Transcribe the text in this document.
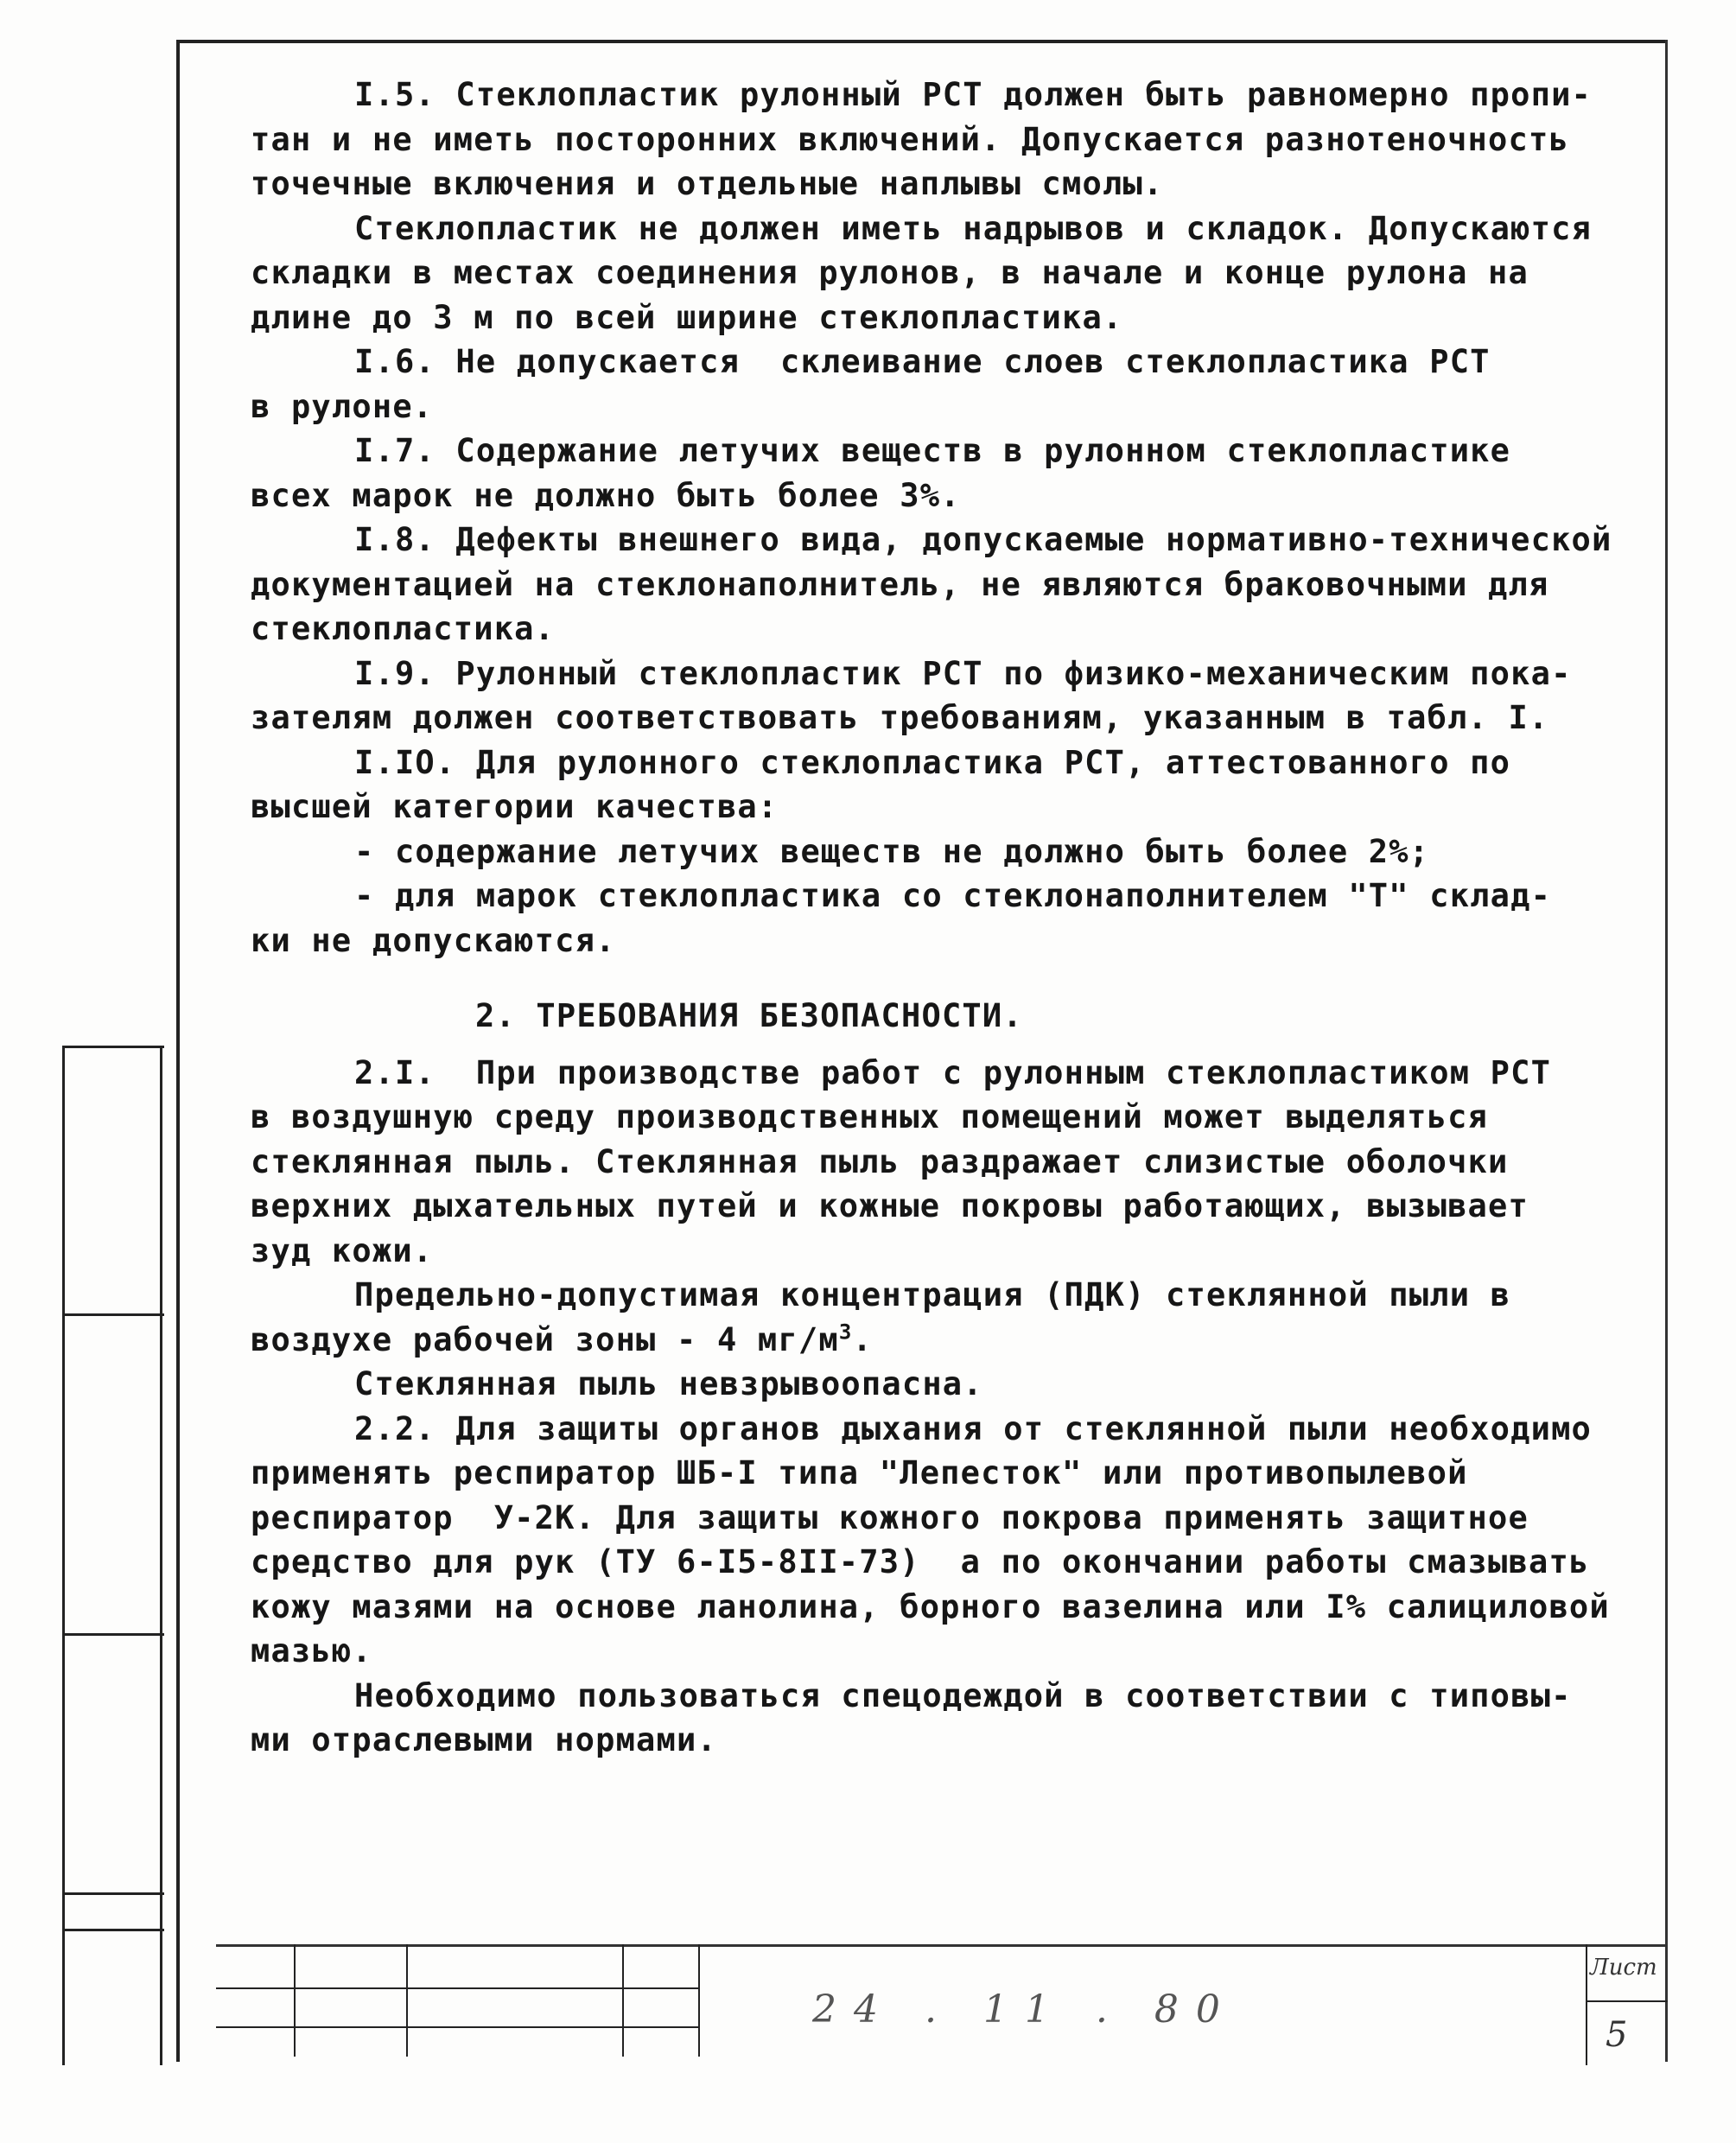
I.5. Стеклопластик рулонный РСТ должен быть равномерно пропи-

тан и не иметь посторонних включений. Допускается разнотеночность

точечные включения и отдельные наплывы смолы.

Стеклопластик не должен иметь надрывов и складок. Допускаются

складки в местах соединения рулонов, в начале и конце рулона на

длине до 3 м по всей ширине стеклопластика.

I.6. Не допускается  склеивание слоев стеклопластика РСТ

в рулоне.

I.7. Содержание летучих веществ в рулонном стеклопластике

всех марок не должно быть более 3%.

I.8. Дефекты внешнего вида, допускаемые нормативно-технической

документацией на стеклонаполнитель, не являются браковочными для

стеклопластика.

I.9. Рулонный стеклопластик РСТ по физико-механическим пока-

зателям должен соответствовать требованиям, указанным в табл. I.

I.IO. Для рулонного стеклопластика РСТ, аттестованного по

высшей категории качества:

- содержание летучих веществ не должно быть более 2%;

- для марок стеклопластика со стеклонаполнителем "Т" склад-

ки не допускаются.

2. ТРЕБОВАНИЯ БЕЗОПАСНОСТИ.

2.I.  При производстве работ с рулонным стеклопластиком РСТ

в воздушную среду производственных помещений может выделяться

стеклянная пыль. Стеклянная пыль раздражает слизистые оболочки

верхних дыхательных путей и кожные покровы работающих, вызывает

зуд кожи.

Предельно-допустимая концентрация (ПДК) стеклянной пыли в

воздухе рабочей зоны - 4 $мг/м^3$.

Стеклянная пыль невзрывоопасна.

2.2. Для защиты органов дыхания от стеклянной пыли необходимо

применять респиратор ШБ-I типа "Лепесток" или противопылевой

респиратор  У-2К. Для защиты кожного покрова применять защитное

средство для рук (ТУ 6-I5-8II-73)  а по окончании работы смазывать

кожу мазями на основе ланолина, борного вазелина или I% салициловой

мазью.

Необходимо пользоваться спецодеждой в соответствии с типовы-

ми отраслевыми нормами.

24 . 11 . 80
Лист
5
